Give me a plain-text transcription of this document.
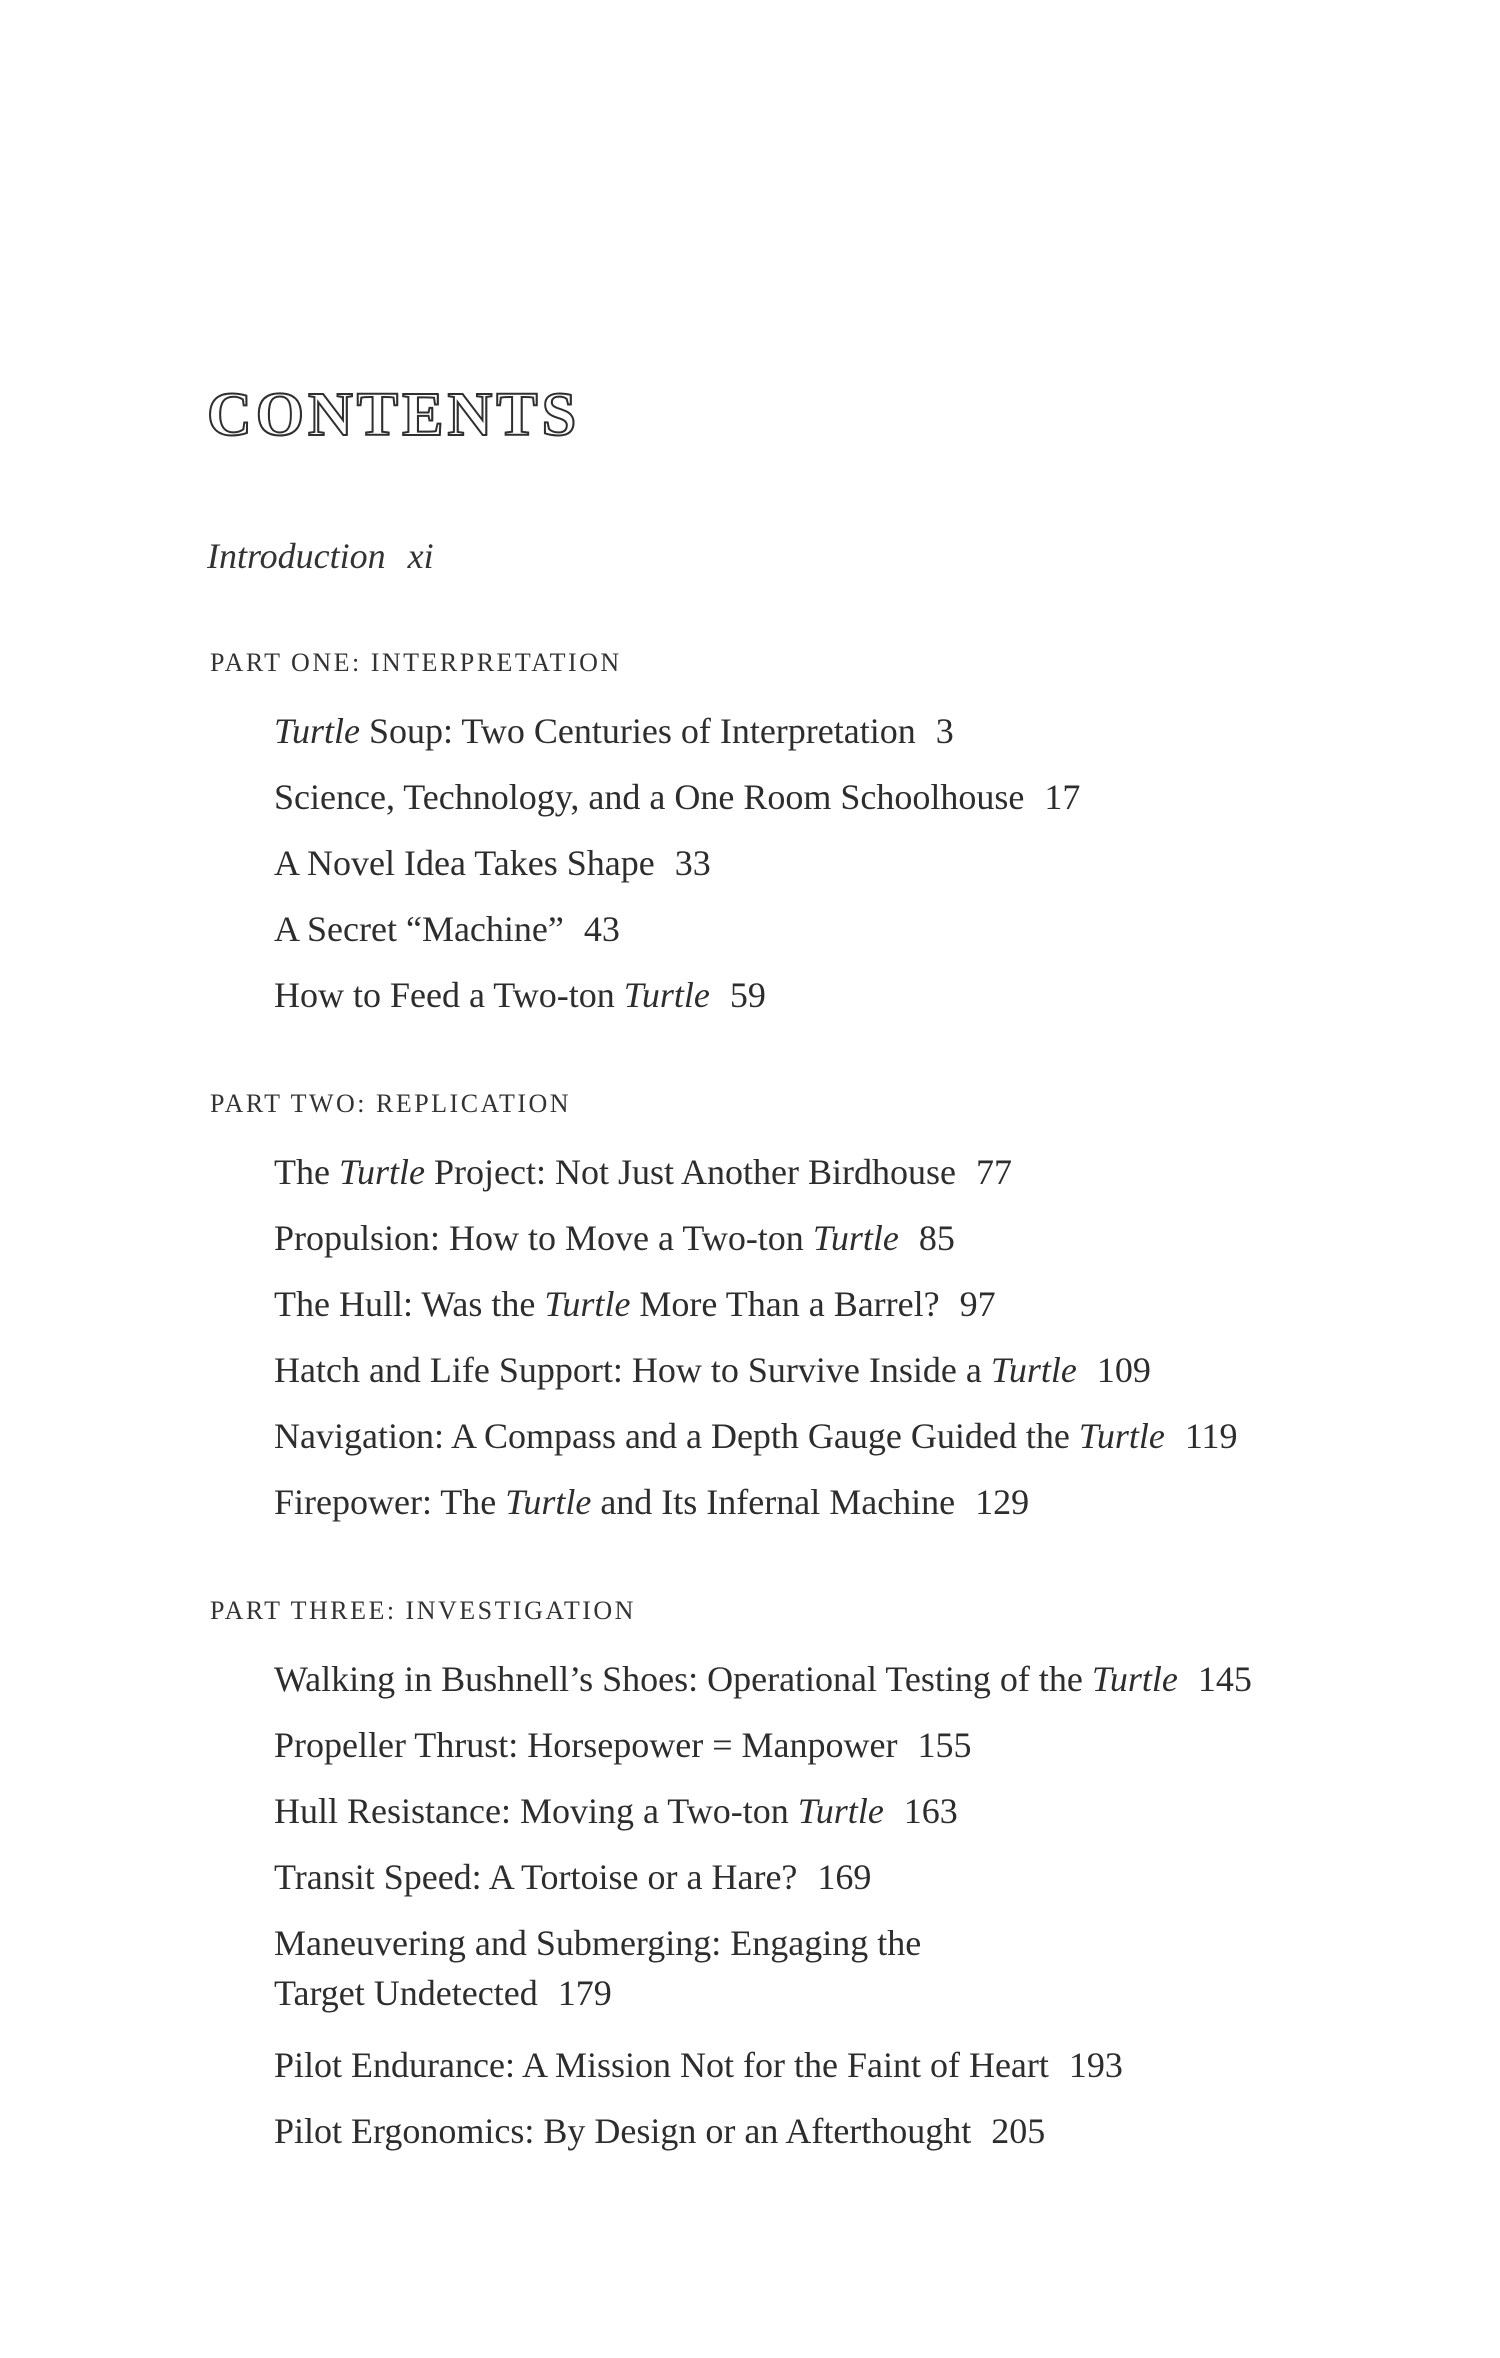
CONTENTS
Introduction xi
PART ONE: INTERPRETATION
Turtle Soup: Two Centuries of Interpretation 3
Science, Technology, and a One Room Schoolhouse 17
A Novel Idea Takes Shape 33
A Secret “Machine” 43
How to Feed a Two-ton Turtle 59
PART TWO: REPLICATION
The Turtle Project: Not Just Another Birdhouse 77
Propulsion: How to Move a Two-ton Turtle 85
The Hull: Was the Turtle More Than a Barrel? 97
Hatch and Life Support: How to Survive Inside a Turtle 109
Navigation: A Compass and a Depth Gauge Guided the Turtle 119
Firepower: The Turtle and Its Infernal Machine 129
PART THREE: INVESTIGATION
Walking in Bushnell’s Shoes: Operational Testing of the Turtle 145
Propeller Thrust: Horsepower = Manpower 155
Hull Resistance: Moving a Two-ton Turtle 163
Transit Speed: A Tortoise or a Hare? 169
Maneuvering and Submerging: Engaging the
Target Undetected 179
Pilot Endurance: A Mission Not for the Faint of Heart 193
Pilot Ergonomics: By Design or an Afterthought 205
